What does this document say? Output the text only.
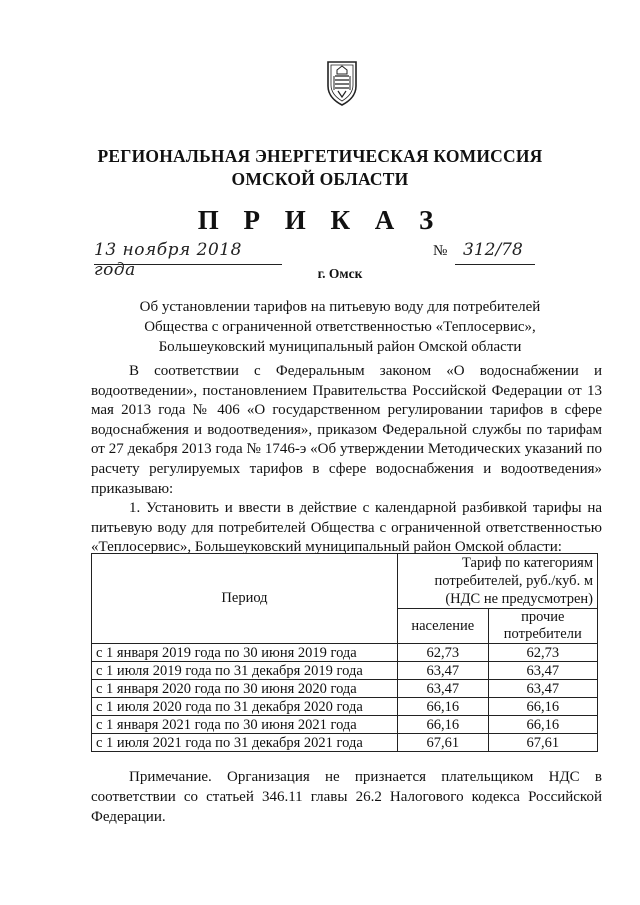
РЕГИОНАЛЬНАЯ ЭНЕРГЕТИЧЕСКАЯ КОМИССИЯ
ОМСКОЙ ОБЛАСТИ
П Р И К А З
13 ноября 2018 года
№ 312/78
г. Омск
Об установлении тарифов на питьевую воду для потребителей
Общества с ограниченной ответственностью «Теплосервис»,
Большеуковский муниципальный район Омской области

В соответствии с Федеральным законом «О водоснабжении и водоотведении», постановлением Правительства Российской Федерации от 13 мая 2013 года № 406 «О государственном регулировании тарифов в сфере водоснабжения и водоотведения», приказом Федеральной службы по тарифам от 27 декабря 2013 года № 1746-э «Об утверждении Методических указаний по расчету регулируемых тарифов в сфере водоснабжения и водоотведения» приказываю:

1. Установить и ввести в действие с календарной разбивкой тарифы на питьевую воду для потребителей Общества с ограниченной ответственностью «Теплосервис», Большеуковский муниципальный район Омской области:

Период	Тариф по категориям
потребителей, руб./куб. м
(НДС не предусмотрен)	

	население	прочие
потребители

с 1 января 2019 года по 30 июня 2019 года	62,73	62,73
с 1 июля 2019 года по 31 декабря 2019 года	63,47	63,47
с 1 января 2020 года по 30 июня 2020 года	63,47	63,47
с 1 июля 2020 года по 31 декабря 2020 года	66,16	66,16
с 1 января 2021 года по 30 июня 2021 года	66,16	66,16
с 1 июля 2021 года по 31 декабря 2021 года	67,61	67,61

Примечание. Организация не признается плательщиком НДС в соответствии со статьей 346.11 главы 26.2 Налогового кодекса Российской Федерации.
